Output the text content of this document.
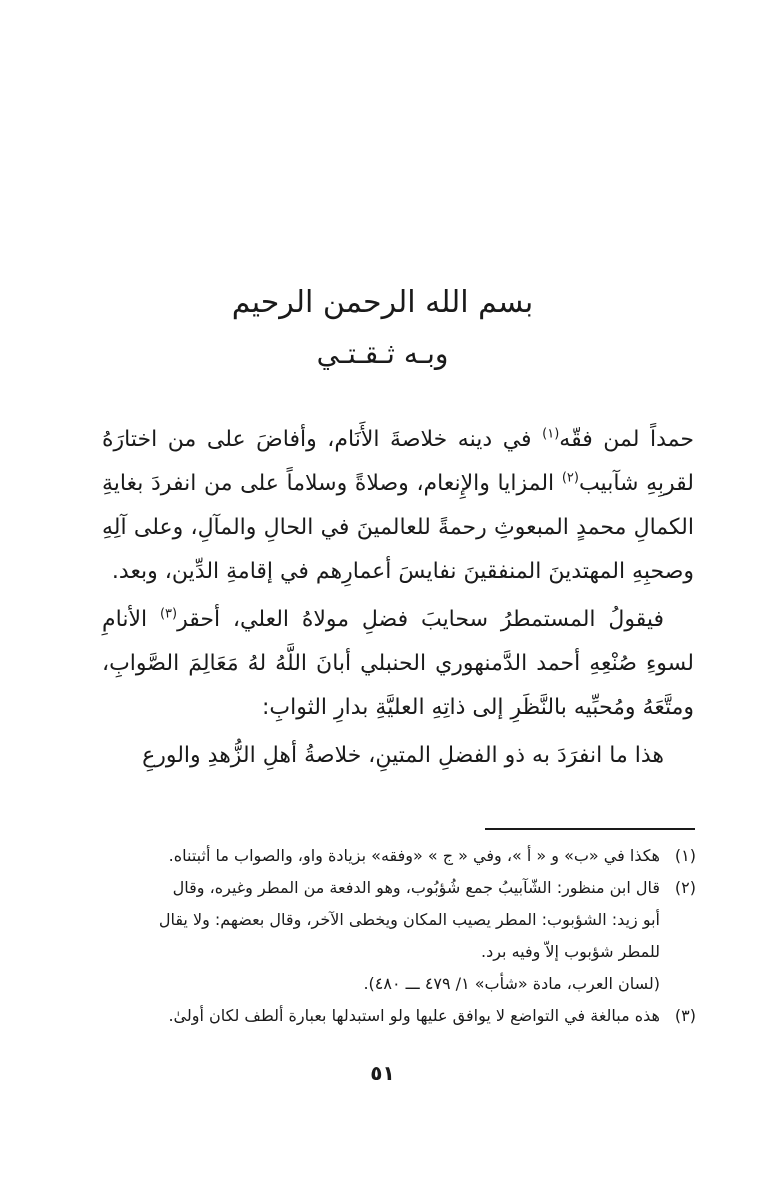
بسم الله الرحمن الرحيم
وبـه ثـقـتـي

حمداً لمن فقّه$^{(١)}$ في دينه خلاصةَ الأَنَام، وأفاضَ على من اختارَهُ لقربِهِ شآبيب$^{(٢)}$ المزايا والإِنعام، وصلاةً وسلاماً على من انفردَ بغايةِ الكمالِ محمدٍ المبعوثِ رحمةً للعالمينَ في الحالِ والمآلِ، وعلى آلِهِ وصحبِهِ المهتدينَ المنفقينَ نفايسَ أعمارِهم في إقامةِ الدِّين، وبعد.

فيقولُ المستمطرُ سحايبَ فضلِ مولاهُ العلي، أحقر$^{(٣)}$ الأنامِ لسوءِ صُنْعِهِ أحمد الدَّمنهوري الحنبلي أبانَ اللَّهُ لهُ مَعَالِمَ الصَّوابِ، ومتَّعَهُ ومُحبِّيه بالنَّظَرِ إلى ذاتِهِ العليَّةِ بدارِ الثوابِ:

هذا ما انفرَدَ به ذو الفضلِ المتينِ، خلاصةُ أهلِ الزُّهدِ والورعِ

(١)
هكذا في «ب» و « أ »، وفي « ج » «وفقه» بزيادة واو، والصواب ما أثبتناه.
(٢)
قال ابن منظور: الشّآبيبُ جمع شُؤبُوب، وهو الدفعة من المطر وغيره، وقال
أبو زيد: الشؤبوب: المطر يصيب المكان ويخطى الآخر، وقال بعضهم: ولا يقال
للمطر شؤبوب إلاّ وفيه برد.
(لسان العرب، مادة «شأب» ١/ ٤٧٩ ـــ ٤٨٠).
(٣)
هذه مبالغة في التواضع لا يوافق عليها ولو استبدلها بعبارة ألطف لكان أولىٰ.
٥١
